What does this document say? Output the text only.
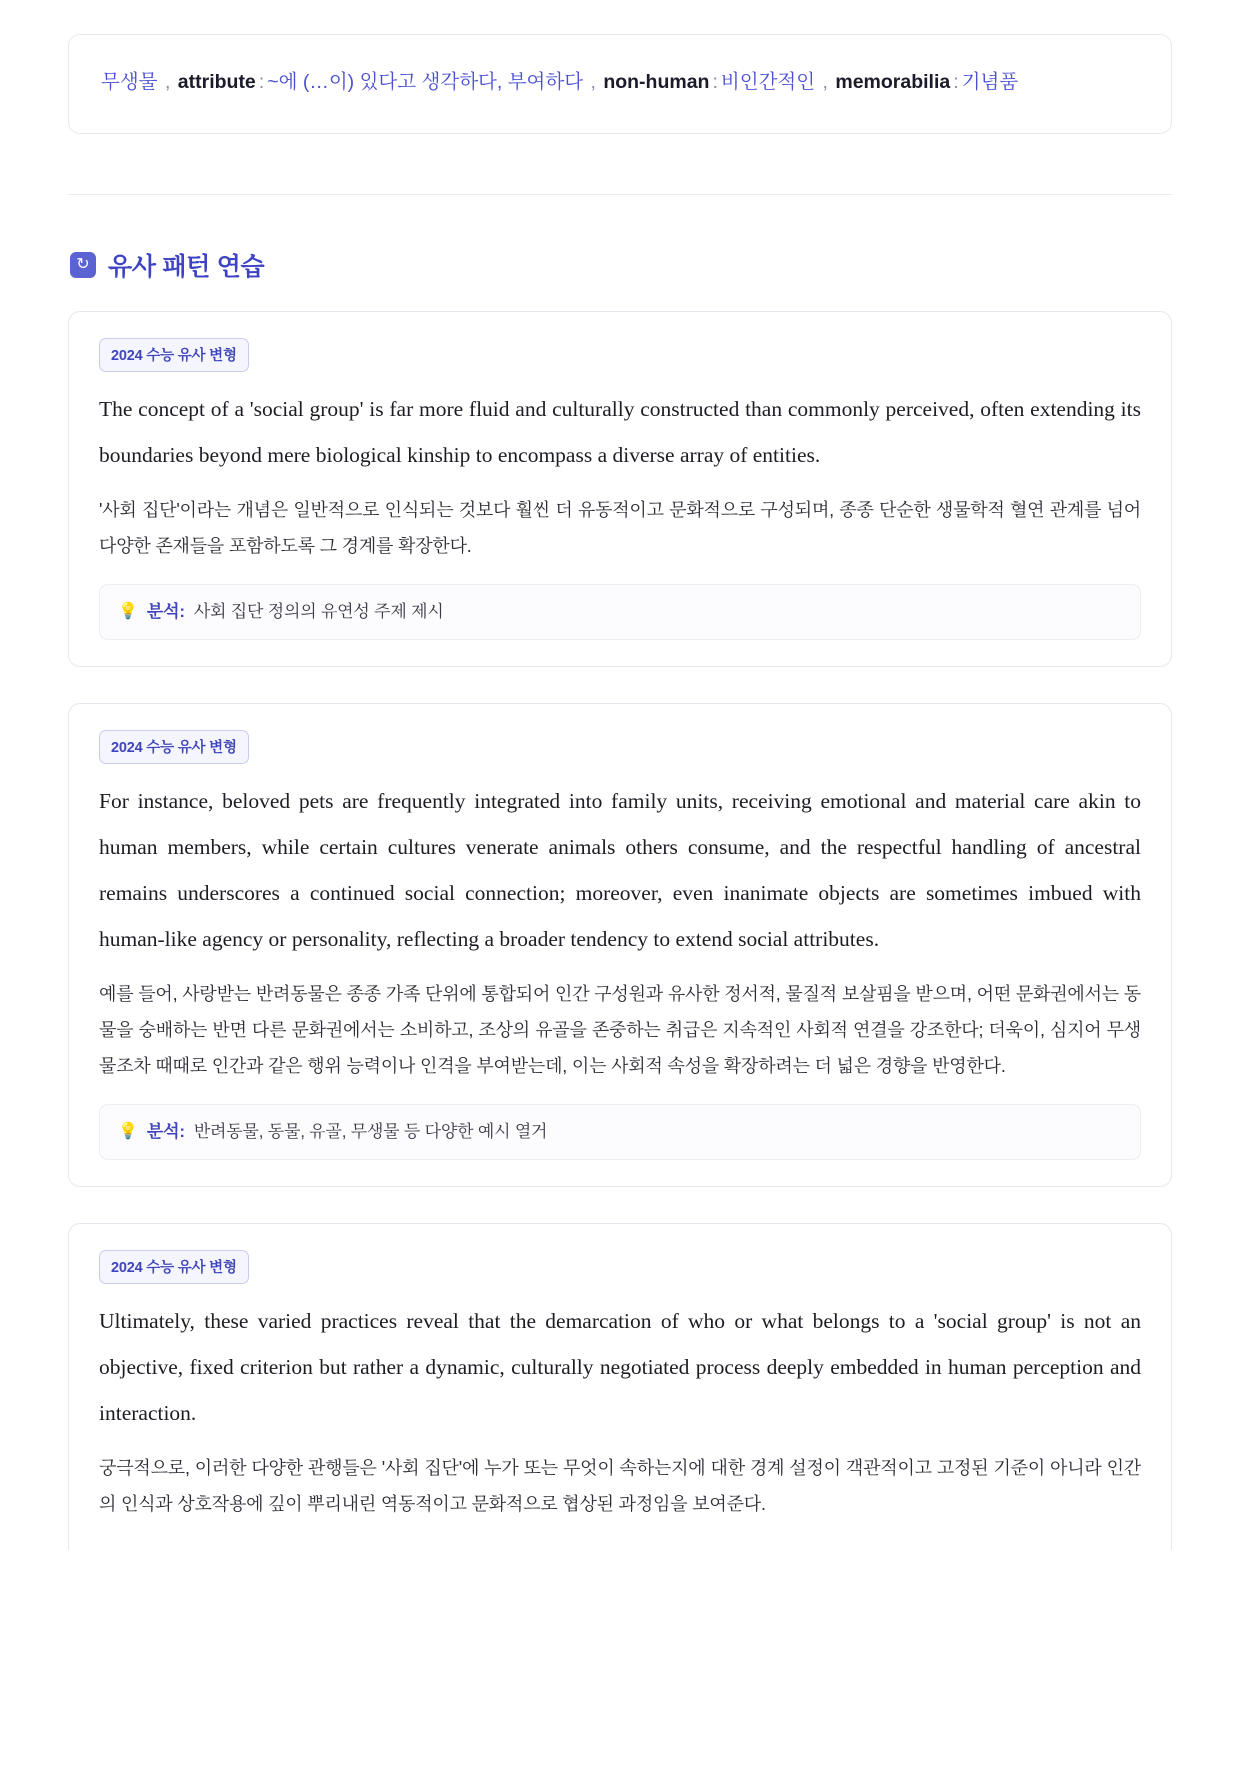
무생물 , attribute : ~에 (…이) 있다고 생각하다, 부여하다 , non-human : 비인간적인 , memorabilia : 기념품
↻ 유사 패턴 연습
2024 수능 유사 변형

The concept of a 'social group' is far more fluid and culturally constructed than commonly perceived, often extending its boundaries beyond mere biological kinship to encompass a diverse array of entities.

'사회 집단'이라는 개념은 일반적으로 인식되는 것보다 훨씬 더 유동적이고 문화적으로 구성되며, 종종 단순한 생물학적 혈연 관계를 넘어 다양한 존재들을 포함하도록 그 경계를 확장한다.

💡 분석: 사회 집단 정의의 유연성 주제 제시
2024 수능 유사 변형

For instance, beloved pets are frequently integrated into family units, receiving emotional and material care akin to human members, while certain cultures venerate animals others consume, and the respectful handling of ancestral remains underscores a continued social connection; moreover, even inanimate objects are sometimes imbued with human-like agency or personality, reflecting a broader tendency to extend social attributes.

예를 들어, 사랑받는 반려동물은 종종 가족 단위에 통합되어 인간 구성원과 유사한 정서적, 물질적 보살핌을 받으며, 어떤 문화권에서는 동물을 숭배하는 반면 다른 문화권에서는 소비하고, 조상의 유골을 존중하는 취급은 지속적인 사회적 연결을 강조한다; 더욱이, 심지어 무생물조차 때때로 인간과 같은 행위 능력이나 인격을 부여받는데, 이는 사회적 속성을 확장하려는 더 넓은 경향을 반영한다.

💡 분석: 반려동물, 동물, 유골, 무생물 등 다양한 예시 열거
2024 수능 유사 변형

Ultimately, these varied practices reveal that the demarcation of who or what belongs to a 'social group' is not an objective, fixed criterion but rather a dynamic, culturally negotiated process deeply embedded in human perception and interaction.

궁극적으로, 이러한 다양한 관행들은 '사회 집단'에 누가 또는 무엇이 속하는지에 대한 경계 설정이 객관적이고 고정된 기준이 아니라 인간의 인식과 상호작용에 깊이 뿌리내린 역동적이고 문화적으로 협상된 과정임을 보여준다.
